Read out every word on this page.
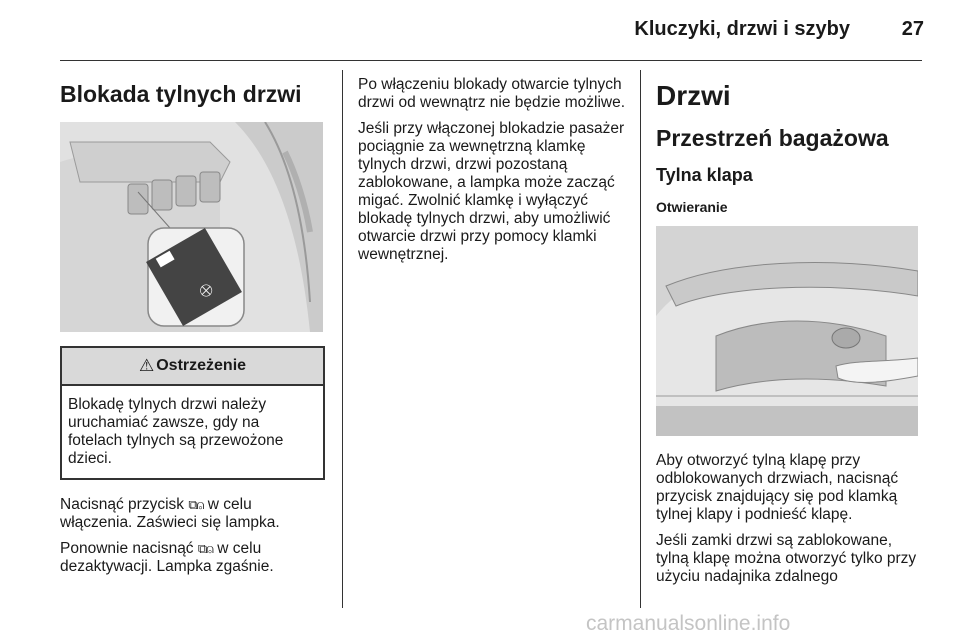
Kluczyki, drzwi i szyby	27
Blokada tylnych drzwi
⛒
⚠ Ostrzeżenie
Blokadę tylnych drzwi należy uruchamiać zawsze, gdy na fotelach tylnych są przewożone dzieci.

Nacisnąć przycisk ⧉⍝ w celu włączenia. Zaświeci się lampka.

Ponownie nacisnąć ⧉⍝ w celu dezaktywacji. Lampka zgaśnie.

Po włączeniu blokady otwarcie tylnych drzwi od wewnątrz nie będzie możliwe.

Jeśli przy włączonej blokadzie pasażer pociągnie za wewnętrzną klamkę tylnych drzwi, drzwi pozostaną zablokowane, a lampka może zacząć migać. Zwolnić klamkę i wyłączyć blokadę tylnych drzwi, aby umożliwić otwarcie drzwi przy pomocy klamki wewnętrznej.

Drzwi
Przestrzeń bagażowa
Tylna klapa
Otwieranie

Aby otworzyć tylną klapę przy odblokowanych drzwiach, nacisnąć przycisk znajdujący się pod klamką tylnej klapy i podnieść klapę.

Jeśli zamki drzwi są zablokowane, tylną klapę można otworzyć tylko przy użyciu nadajnika zdalnego

carmanualsonline.info
